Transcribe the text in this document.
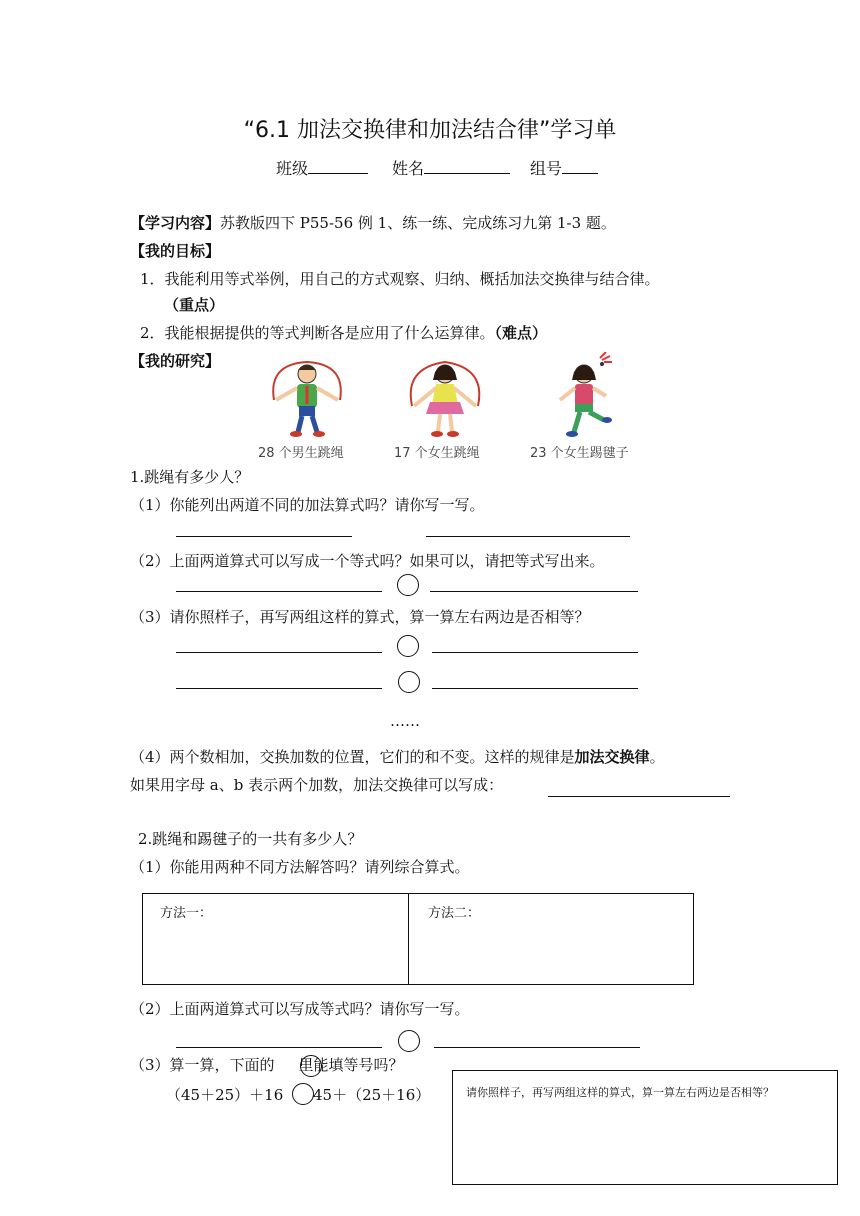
“6.1 加法交换律和加法结合律”学习单
班级	姓名	组号
【学习内容】苏教版四下 P55-56 例 1、练一练、完成练习九第 1-3 题。
【我的目标】
1．我能利用等式举例，用自己的方式观察、归纳、概括加法交换律与结合律。
（重点）
2．我能根据提供的等式判断各是应用了什么运算律。（难点）
【我的研究】
28 个男生跳绳	17 个女生跳绳	23 个女生踢毽子
1.跳绳有多少人？
（1）你能列出两道不同的加法算式吗？请你写一写。
（2）上面两道算式可以写成一个等式吗？如果可以，请把等式写出来。
（3）请你照样子，再写两组这样的算式，算一算左右两边是否相等？
……
（4）两个数相加，交换加数的位置，它们的和不变。这样的规律是加法交换律。
如果用字母 a、b 表示两个加数，加法交换律可以写成：
2.跳绳和踢毽子的一共有多少人？
（1）你能用两种不同方法解答吗？请列综合算式。
方法一：	方法二：
（2）上面两道算式可以写成等式吗？请你写一写。
（3）算一算，下面的 里能填等号吗？
（45＋25）＋16 45＋（25＋16）	请你照样子，再写两组这样的算式，算一算左右两边是否相等？
